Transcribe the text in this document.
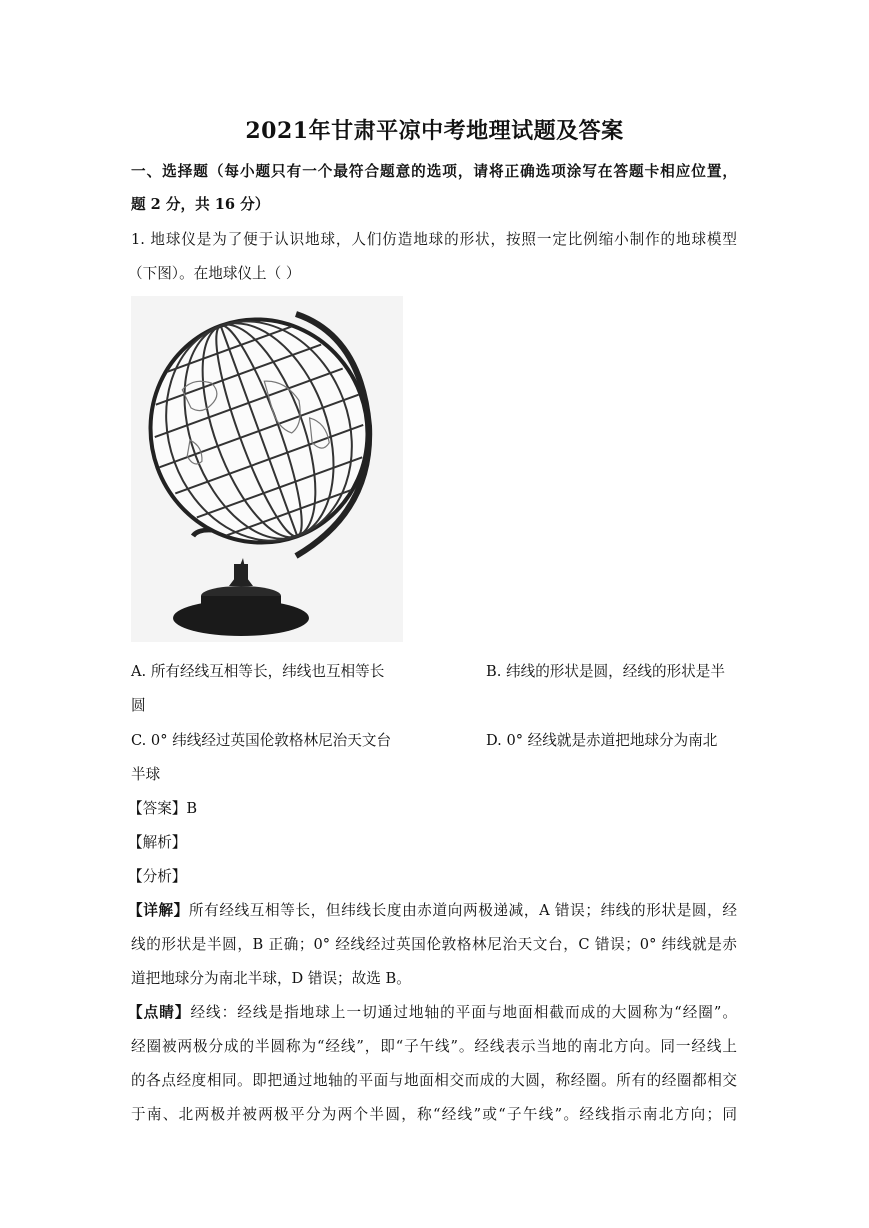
2021年甘肃平凉中考地理试题及答案
一、选择题（每小题只有一个最符合题意的选项，请将正确选项涂写在答题卡相应位置，
题 2 分，共 16 分）
1. 地球仪是为了便于认识地球，人们仿造地球的形状，按照一定比例缩小制作的地球模型
（下图）。在地球仪上（ ）
A. 所有经线互相等长，纬线也互相等长	B. 纬线的形状是圆，经线的形状是半
圆
C. 0° 纬线经过英国伦敦格林尼治天文台	D. 0° 经线就是赤道把地球分为南北
半球
【答案】B
【解析】
【分析】
【详解】所有经线互相等长，但纬线长度由赤道向两极递减，A 错误；纬线的形状是圆，经
线的形状是半圆，B 正确；0° 经线经过英国伦敦格林尼治天文台，C 错误；0° 纬线就是赤
道把地球分为南北半球，D 错误；故选 B。
【点睛】经线：经线是指地球上一切通过地轴的平面与地面相截而成的大圆称为“经圈”。
经圈被两极分成的半圆称为“经线”，即“子午线”。经线表示当地的南北方向。同一经线上
的各点经度相同。即把通过地轴的平面与地面相交而成的大圆，称经圈。所有的经圈都相交
于南、北两极并被两极平分为两个半圆，称“经线”或“子午线”。经线指示南北方向；同
